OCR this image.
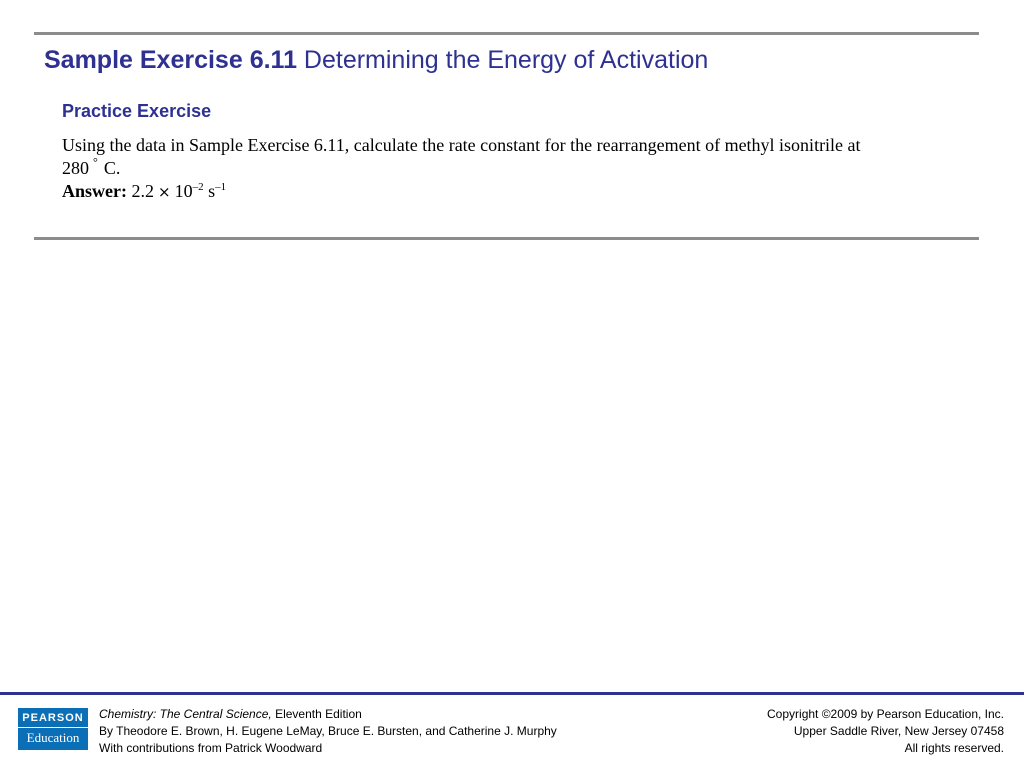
Sample Exercise 6.11 Determining the Energy of Activation
Practice Exercise
Using the data in Sample Exercise 6.11, calculate the rate constant for the rearrangement of methyl isonitrile at
280 ° C.
Answer: $2.2 \times 10^{-2}$ $s^{-1}$
PEARSON
Education
Chemistry: The Central Science, Eleventh Edition
By Theodore E. Brown, H. Eugene LeMay, Bruce E. Bursten, and Catherine J. Murphy
With contributions from Patrick Woodward
Copyright ©2009 by Pearson Education, Inc.
Upper Saddle River, New Jersey 07458
All rights reserved.
